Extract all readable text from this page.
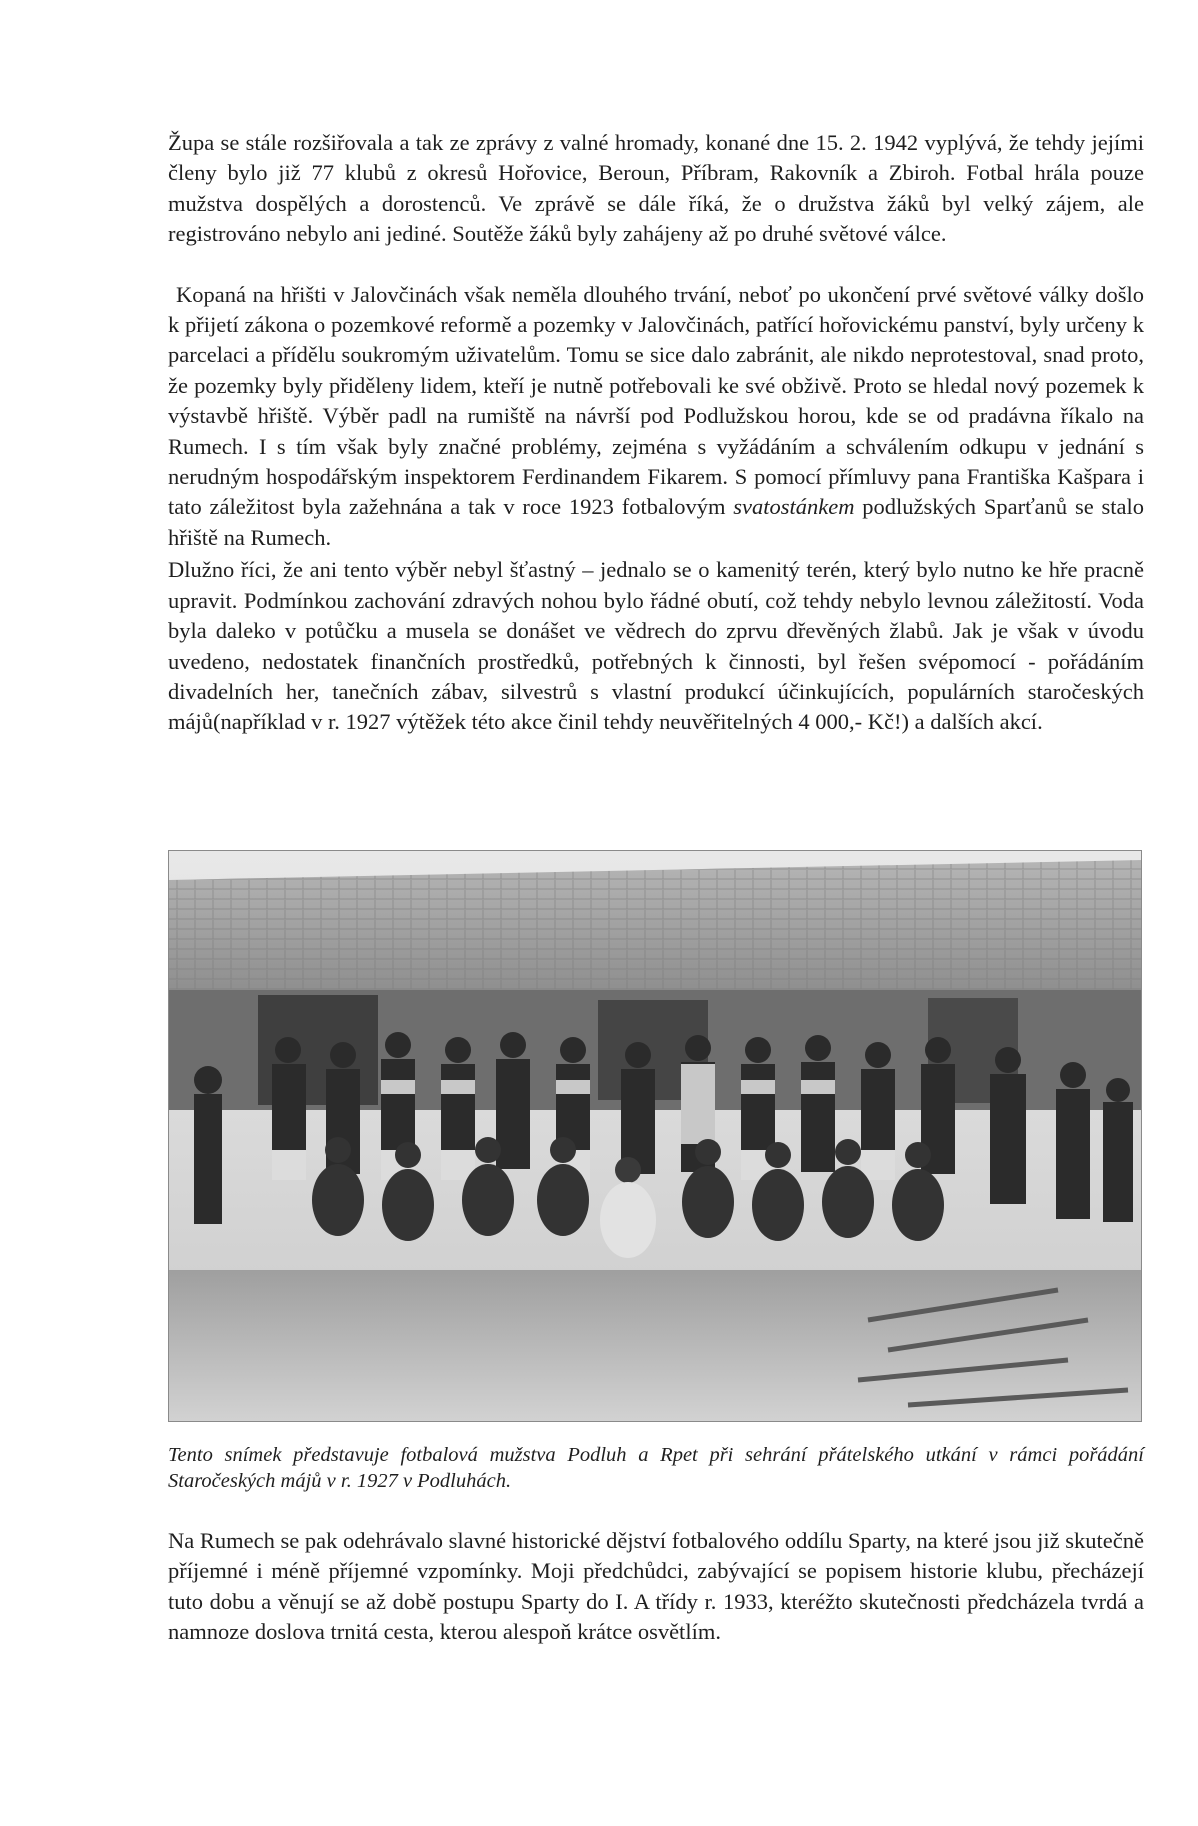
Župa se stále rozšiřovala a tak ze zprávy z valné hromady, konané dne 15. 2. 1942 vyplývá, že tehdy jejími členy bylo již 77 klubů z okresů Hořovice, Beroun, Příbram, Rakovník a Zbiroh. Fotbal hrála pouze mužstva dospělých a dorostenců. Ve zprávě se dále říká, že o družstva žáků byl velký zájem, ale registrováno nebylo ani jediné. Soutěže žáků byly zahájeny až po druhé světové válce.

Kopaná na hřišti v Jalovčinách však neměla dlouhého trvání, neboť po ukončení prvé světové války došlo k přijetí zákona o pozemkové reformě a pozemky v Jalovčinách, patřící hořovickému panství, byly určeny k parcelaci a přídělu soukromým uživatelům. Tomu se sice dalo zabránit, ale nikdo neprotestoval, snad proto, že pozemky byly přiděleny lidem, kteří je nutně potřebovali ke své obživě. Proto se hledal nový pozemek k výstavbě hřiště. Výběr padl na rumiště na návrší pod Podlužskou horou, kde se od pradávna říkalo na Rumech. I s tím však byly značné problémy, zejména s vyžádáním a schválením odkupu v jednání s nerudným hospodářským inspektorem Ferdinandem Fikarem. S pomocí přímluvy pana Františka Kašpara i tato záležitost byla zažehnána a tak v roce 1923 fotbalovým svatostánkem podlužských Sparťanů se stalo hřiště na Rumech.

Dlužno říci, že ani tento výběr nebyl šťastný – jednalo se o kamenitý terén, který bylo nutno ke hře pracně upravit. Podmínkou zachování zdravých nohou bylo řádné obutí, což tehdy nebylo levnou záležitostí. Voda byla daleko v potůčku a musela se donášet ve vědrech do zprvu dřevěných žlabů. Jak je však v úvodu uvedeno, nedostatek finančních prostředků, potřebných k činnosti, byl řešen svépomocí - pořádáním divadelních her, tanečních zábav, silvestrů s vlastní produkcí účinkujících, populárních staročeských májů(například v r. 1927 výtěžek této akce činil tehdy neuvěřitelných 4 000,- Kč!) a dalších akcí.

Tento snímek představuje fotbalová mužstva Podluh a Rpet při sehrání přátelského utkání v rámci pořádání Staročeských májů v r. 1927 v Podluhách.

Na Rumech se pak odehrávalo slavné historické dějství fotbalového oddílu Sparty, na které jsou již skutečně příjemné i méně příjemné vzpomínky. Moji předchůdci, zabývající se popisem historie klubu, přecházejí tuto dobu a věnují se až době postupu Sparty do I. A třídy r. 1933, kteréžto skutečnosti předcházela tvrdá a namnoze doslova trnitá cesta, kterou alespoň krátce osvětlím.
